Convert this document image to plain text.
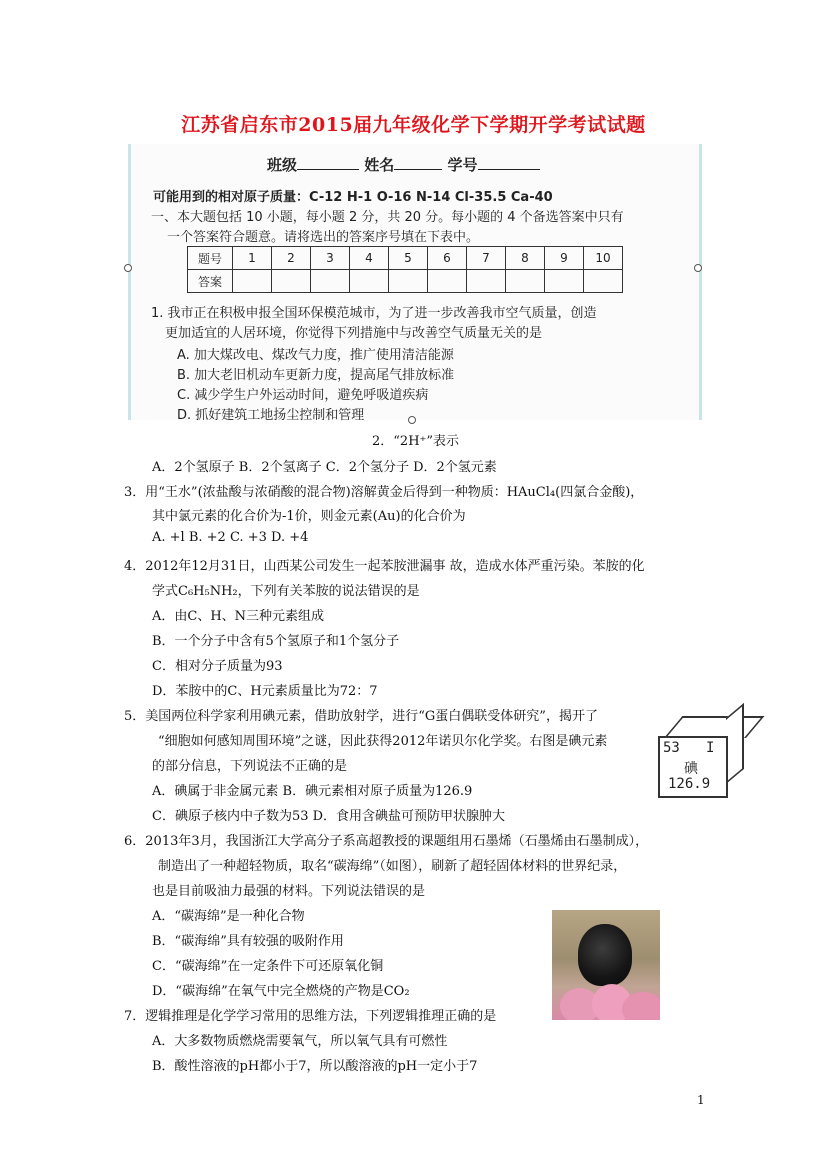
江苏省启东市2015届九年级化学下学期开学考试试题
班级	姓名	学号
可能用到的相对原子质量：C-12 H-1 O-16 N-14 Cl-35.5 Ca-40
一、本大题包括 10 小题，每小题 2 分，共 20 分。每小题的 4 个备选答案中只有
一个答案符合题意。请将选出的答案序号填在下表中。
题号	1	2	3	4	5	6	7	8	9	10
答案										
1. 我市正在积极申报全国环保模范城市，为了进一步改善我市空气质量，创造
更加适宜的人居环境，你觉得下列措施中与改善空气质量无关的是
A. 加大煤改电、煤改气力度，推广使用清洁能源
B. 加大老旧机动车更新力度，提高尾气排放标准
C. 减少学生户外运动时间，避免呼吸道疾病
D. 抓好建筑工地扬尘控制和管理
2．“2H⁺”表示
A．2个氢原子 B．2个氢离子 C．2个氢分子 D．2个氢元素
3．用“王水”(浓盐酸与浓硝酸的混合物)溶解黄金后得到一种物质：HAuCl₄(四氯合金酸)，
其中氯元素的化合价为-1价，则金元素(Au)的化合价为
A. +l B. +2 C. +3 D. +4
4．2012年12月31日，山西某公司发生一起苯胺泄漏事 故，造成水体严重污染。苯胺的化
学式C₆H₅NH₂，下列有关苯胺的说法错误的是
A．由C、H、N三种元素组成
B．一个分子中含有5个氢原子和1个氢分子
C．相对分子质量为93
D．苯胺中的C、H元素质量比为72：7
5．美国两位科学家利用碘元素，借助放射学，进行“G蛋白偶联受体研究”，揭开了
“细胞如何感知周围环境”之谜，因此获得2012年诺贝尔化学奖。右图是碘元素
的部分信息，下列说法不正确的是
A．碘属于非金属元素 B．碘元素相对原子质量为126.9
C．碘原子核内中子数为53 D．食用含碘盐可预防甲状腺肿大
53 I
碘
126.9
6．2013年3月，我国浙江大学高分子系高超教授的课题组用石墨烯（石墨烯由石墨制成），
制造出了一种超轻物质，取名“碳海绵”（如图），刷新了超轻固体材料的世界纪录，
也是目前吸油力最强的材料。下列说法错误的是
A．“碳海绵”是一种化合物
B．“碳海绵”具有较强的吸附作用
C．“碳海绵”在一定条件下可还原氧化铜
D．“碳海绵”在氧气中完全燃烧的产物是CO₂
7．逻辑推理是化学学习常用的思维方法，下列逻辑推理正确的是
A．大多数物质燃烧需要氧气，所以氧气具有可燃性
B．酸性溶液的pH都小于7，所以酸溶液的pH一定小于7
1
